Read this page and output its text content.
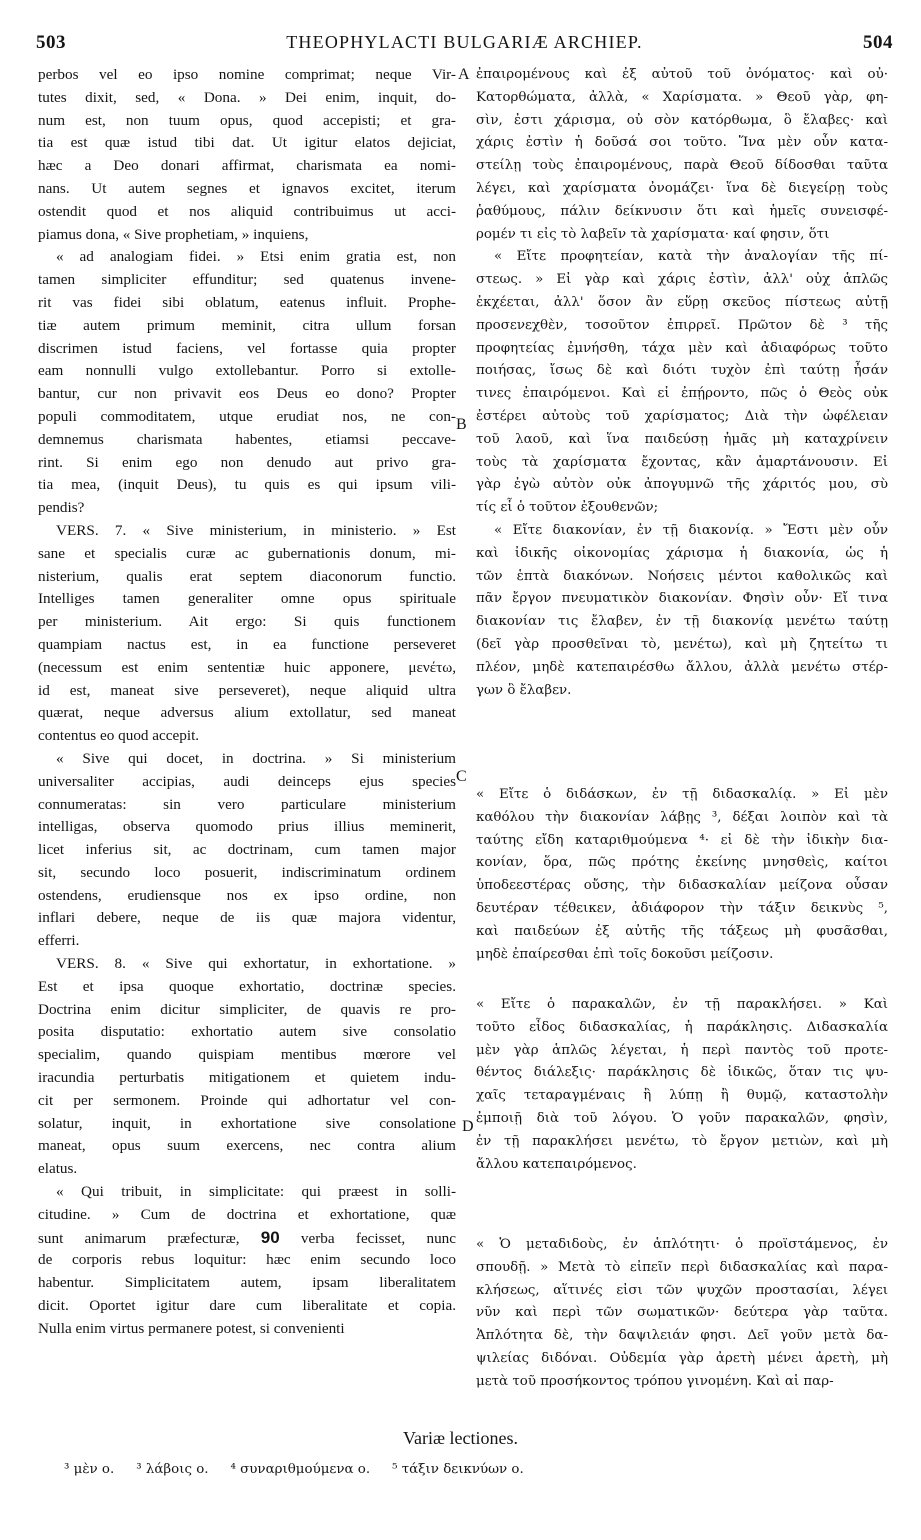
503	THEOPHYLACTI BULGARIÆ ARCHIEP.	504
perbos vel eo ipso nomine comprimat; neque Vir-
tutes dixit, sed, « Dona. » Dei enim, inquit, do-
num est, non tuum opus, quod accepisti; et gra-
tia est quæ istud tibi dat. Ut igitur elatos dejiciat,
hæc a Deo donari affirmat, charismata ea nomi-
nans. Ut autem segnes et ignavos excitet, iterum
ostendit quod et nos aliquid contribuimus ut acci-
piamus dona, « Sive prophetiam, » inquiens,
« ad analogiam fidei. » Etsi enim gratia est, non
tamen simpliciter effunditur; sed quatenus invene-
rit vas fidei sibi oblatum, eatenus influit. Prophe-
tiæ autem primum meminit, citra ullum forsan
discrimen istud faciens, vel fortasse quia propter
eam nonnulli vulgo extollebantur. Porro si extolle-
bantur, cur non privavit eos Deus eo dono? Propter
populi commoditatem, utque erudiat nos, ne con-
demnemus charismata habentes, etiamsi peccave-
rint. Si enim ego non denudo aut privo gra-
tia mea, (inquit Deus), tu quis es qui ipsum vili-
pendis?
VERS. 7. « Sive ministerium, in ministerio. » Est
sane et specialis curæ ac gubernationis donum, mi-
nisterium, qualis erat septem diaconorum functio.
Intelliges tamen generaliter omne opus spirituale
per ministerium. Ait ergo: Si quis functionem
quampiam nactus est, in ea functione perseveret
(necessum est enim sententiæ huic apponere, μενέτω,
id est, maneat sive perseveret), neque aliquid ultra
quærat, neque adversus alium extollatur, sed maneat
contentus eo quod accepit.
« Sive qui docet, in doctrina. » Si ministerium
universaliter accipias, audi deinceps ejus species
connumeratas: sin vero particulare ministerium
intelligas, observa quomodo prius illius meminerit,
licet inferius sit, ac doctrinam, cum tamen major
sit, secundo loco posuerit, indiscriminatum ordinem
ostendens, erudiensque nos ex ipso ordine, non
inflari debere, neque de iis quæ majora videntur,
efferri.
VERS. 8. « Sive qui exhortatur, in exhortatione. »
Est et ipsa quoque exhortatio, doctrinæ species.
Doctrina enim dicitur simpliciter, de quavis re pro-
posita disputatio: exhortatio autem sive consolatio
specialim, quando quispiam mentibus mœrore vel
iracundia perturbatis mitigationem et quietem indu-
cit per sermonem. Proinde qui adhortatur vel con-
solatur, inquit, in exhortatione sive consolatione
maneat, opus suum exercens, nec contra alium
elatus.
« Qui tribuit, in simplicitate: qui præest in solli-
citudine. » Cum de doctrina et exhortatione, quæ
sunt animarum præfecturæ, 90 verba fecisset, nunc
de corporis rebus loquitur: hæc enim secundo loco
habentur. Simplicitatem autem, ipsam liberalitatem
dicit. Oportet igitur dare cum liberalitate et copia.
Nulla enim virtus permanere potest, si convenienti
ἐπαιρομένους καὶ ἐξ αὐτοῦ τοῦ ὀνόματος· καὶ οὐ·
Κατορθώματα, ἀλλὰ, « Χαρίσματα. » Θεοῦ γὰρ, φη-
σὶν, ἐστι χάρισμα, οὐ σὸν κατόρθωμα, ὃ ἔλαβες· καὶ
χάρις ἐστὶν ἡ δοῦσά σοι τοῦτο. Ἵνα μὲν οὖν κατα-
στείλῃ τοὺς ἐπαιρομένους, παρὰ Θεοῦ δίδοσθαι ταῦτα
λέγει, καὶ χαρίσματα ὀνομάζει· ἵνα δὲ διεγείρῃ τοὺς
ῥαθύμους, πάλιν δείκνυσιν ὅτι καὶ ἡμεῖς συνεισφέ-
ρομέν τι εἰς τὸ λαβεῖν τὰ χαρίσματα· καί φησιν, ὅτι
« Εἴτε προφητείαν, κατὰ τὴν ἀναλογίαν τῆς πί-
στεως. » Εἰ γὰρ καὶ χάρις ἐστὶν, ἀλλ' οὐχ ἁπλῶς
ἐκχέεται, ἀλλ' ὅσον ἂν εὕρῃ σκεῦος πίστεως αὐτῇ
προσενεχθὲν, τοσοῦτον ἐπιρρεῖ. Πρῶτον δὲ ³ τῆς
προφητείας ἐμνήσθη, τάχα μὲν καὶ ἀδιαφόρως τοῦτο
ποιήσας, ἴσως δὲ καὶ διότι τυχὸν ἐπὶ ταύτῃ ἦσάν
τινες ἐπαιρόμενοι. Καὶ εἰ ἐπῄροντο, πῶς ὁ Θεὸς οὐκ
ἐστέρει αὐτοὺς τοῦ χαρίσματος; Διὰ τὴν ὠφέλειαν
τοῦ λαοῦ, καὶ ἵνα παιδεύσῃ ἡμᾶς μὴ καταχρίνειν
τοὺς τὰ χαρίσματα ἔχοντας, κἂν ἁμαρτάνουσιν. Εἰ
γὰρ ἐγὼ αὐτὸν οὐκ ἀπογυμνῶ τῆς χάριτός μου, σὺ
τίς εἶ ὁ τοῦτον ἐξουθενῶν;
« Εἴτε διακονίαν, ἐν τῇ διακονίᾳ. » Ἔστι μὲν οὖν
καὶ ἰδικῆς οἰκονομίας χάρισμα ἡ διακονία, ὡς ἡ
τῶν ἑπτὰ διακόνων. Νοήσεις μέντοι καθολικῶς καὶ
πᾶν ἔργον πνευματικὸν διακονίαν. Φησὶν οὖν· Εἴ τινα
διακονίαν τις ἔλαβεν, ἐν τῇ διακονίᾳ μενέτω ταύτῃ
(δεῖ γὰρ προσθεῖναι τὸ, μενέτω), καὶ μὴ ζητείτω τι
πλέον, μηδὲ κατεπαιρέσθω ἄλλου, ἀλλὰ μενέτω στέρ-
γων ὃ ἔλαβεν.
« Εἴτε ὁ διδάσκων, ἐν τῇ διδασκαλίᾳ. » Εἰ μὲν
καθόλου τὴν διακονίαν λάβῃς ³, δέξαι λοιπὸν καὶ τὰ
ταύτης εἴδη καταριθμούμενα ⁴· εἰ δὲ τὴν ἰδικὴν δια-
κονίαν, ὅρα, πῶς πρότης ἐκείνης μνησθεὶς, καίτοι
ὑποδεεστέρας οὔσης, τὴν διδασκαλίαν μείζονα οὖσαν
δευτέραν τέθεικεν, ἀδιάφορον τὴν τάξιν δεικνὺς ⁵,
καὶ παιδεύων ἐξ αὐτῆς τῆς τάξεως μὴ φυσᾶσθαι,
μηδὲ ἐπαίρεσθαι ἐπὶ τοῖς δοκοῦσι μείζοσιν.
« Εἴτε ὁ παρακαλῶν, ἐν τῇ παρακλήσει. » Καὶ
τοῦτο εἶδος διδασκαλίας, ἡ παράκλησις. Διδασκαλία
μὲν γὰρ ἁπλῶς λέγεται, ἡ περὶ παντὸς τοῦ προτε-
θέντος διάλεξις· παράκλησις δὲ ἰδικῶς, ὅταν τις ψυ-
χαῖς τεταραγμέναις ἢ λύπῃ ἢ θυμῷ, καταστολὴν
ἐμποιῇ διὰ τοῦ λόγου. Ὁ γοῦν παρακαλῶν, φησὶν,
ἐν τῇ παρακλήσει μενέτω, τὸ ἔργον μετιὼν, καὶ μὴ
ἄλλου κατεπαιρόμενος.
« Ὁ μεταδιδοὺς, ἐν ἁπλότητι· ὁ προϊστάμενος, ἐν
σπουδῇ. » Μετὰ τὸ εἰπεῖν περὶ διδασκαλίας καὶ παρα-
κλήσεως, αἵτινές εἰσι τῶν ψυχῶν προστασίαι, λέγει
νῦν καὶ περὶ τῶν σωματικῶν· δεύτερα γὰρ ταῦτα.
Ἁπλότητα δὲ, τὴν δαψιλειάν φησι. Δεῖ γοῦν μετὰ δα-
ψιλείας διδόναι. Οὐδεμία γὰρ ἀρετὴ μένει ἀρετὴ, μὴ
μετὰ τοῦ προσήκοντος τρόπου γινομένη. Καὶ αἱ παρ-
A
B
C
D
Variæ lectiones.
³ μὲν ο. ³ λάβοις ο. ⁴ συναριθμούμενα ο. ⁵ τάξιν δεικνύων ο.
